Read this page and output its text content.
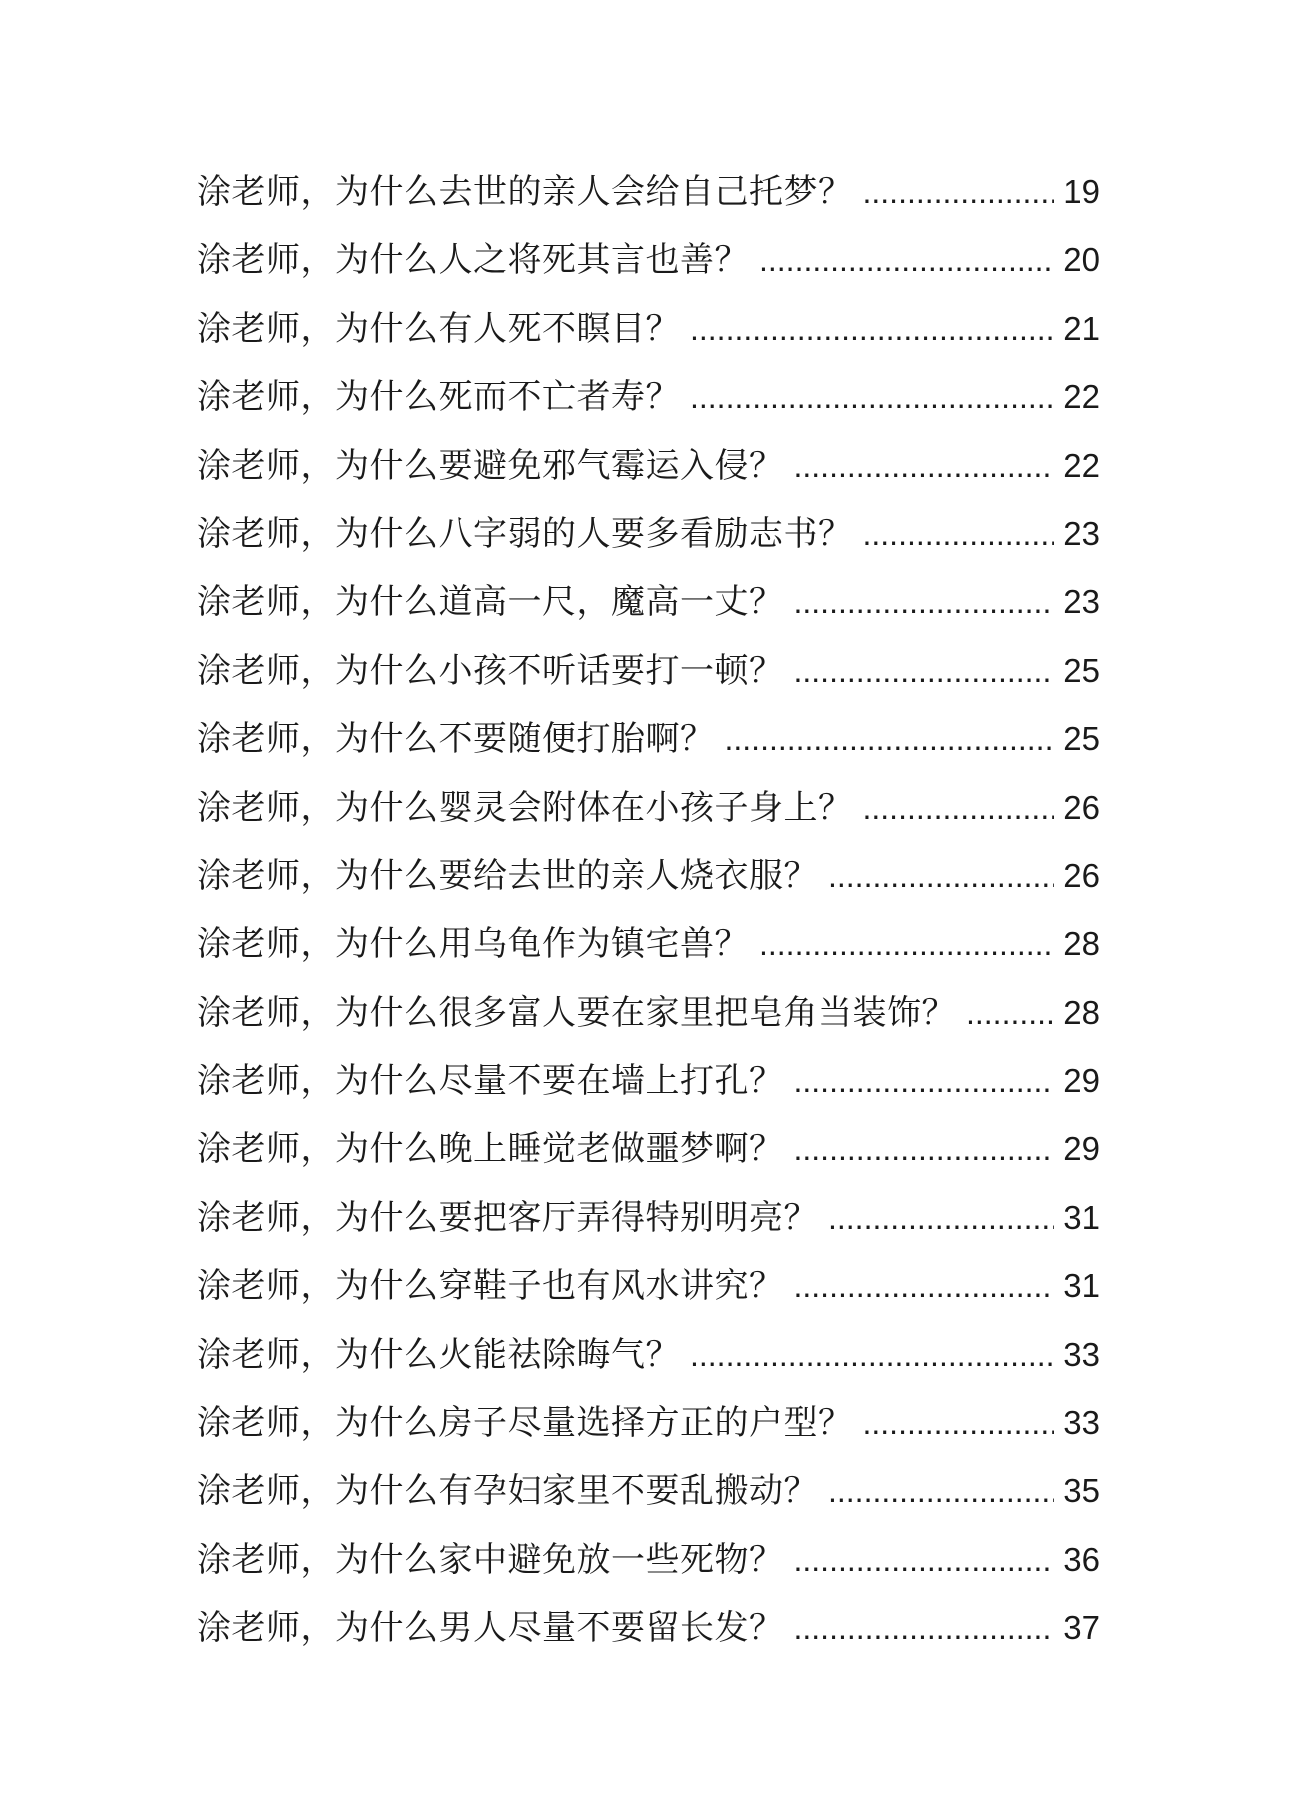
涂老师，为什么去世的亲人会给自己托梦？ .....	19
涂老师，为什么人之将死其言也善？ .....	20
涂老师，为什么有人死不瞑目？ .....	21
涂老师，为什么死而不亡者寿？ .....	22
涂老师，为什么要避免邪气霉运入侵？ .....	22
涂老师，为什么八字弱的人要多看励志书？ .....	23
涂老师，为什么道高一尺，魔高一丈？ .....	23
涂老师，为什么小孩不听话要打一顿？ .....	25
涂老师，为什么不要随便打胎啊？ .....	25
涂老师，为什么婴灵会附体在小孩子身上？ .....	26
涂老师，为什么要给去世的亲人烧衣服？ .....	26
涂老师，为什么用乌龟作为镇宅兽？ .....	28
涂老师，为什么很多富人要在家里把皂角当装饰？ .....	28
涂老师，为什么尽量不要在墙上打孔？ .....	29
涂老师，为什么晚上睡觉老做噩梦啊？ .....	29
涂老师，为什么要把客厅弄得特别明亮？ .....	31
涂老师，为什么穿鞋子也有风水讲究？ .....	31
涂老师，为什么火能祛除晦气？ .....	33
涂老师，为什么房子尽量选择方正的户型？ .....	33
涂老师，为什么有孕妇家里不要乱搬动？ .....	35
涂老师，为什么家中避免放一些死物？ .....	36
涂老师，为什么男人尽量不要留长发？ .....	37
